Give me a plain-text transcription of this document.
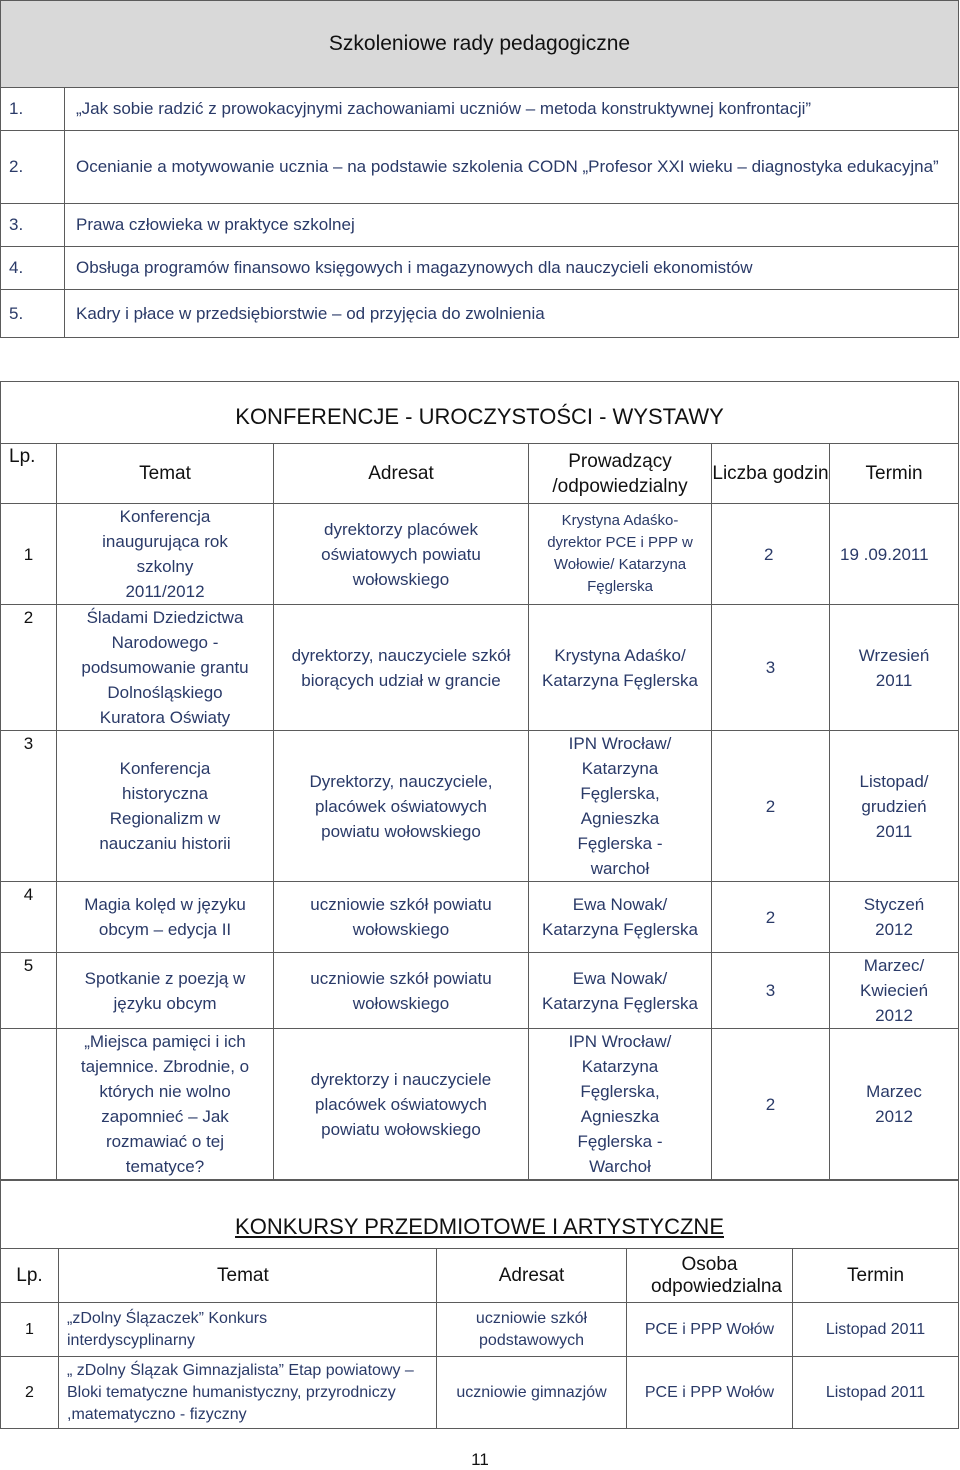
Szkoleniowe rady pedagogiczne	
1.	„Jak sobie radzić z prowokacyjnymi zachowaniami uczniów – metoda konstruktywnej konfrontacji”
2.	Ocenianie a motywowanie ucznia – na podstawie szkolenia CODN „Profesor XXI wieku – diagnostyka edukacyjna”
3.	Prawa człowieka w praktyce szkolnej
4.	Obsługa programów finansowo księgowych i magazynowych dla nauczycieli ekonomistów
5.	Kadry i płace w przedsiębiorstwie – od przyjęcia do zwolnienia
KONFERENCJE - UROCZYSTOŚCI - WYSTAWY					
Lp.	Temat	Adresat	Prowadzący /odpowiedzialny	Liczba godzin	Termin
1	Konferencja inaugurująca rok szkolny 2011/2012	dyrektorzy placówek oświatowych powiatu wołowskiego	Krystyna Adaśko- dyrektor PCE i PPP w Wołowie/ Katarzyna Fęglerska	2	19 .09.2011
2	Śladami Dziedzictwa Narodowego - podsumowanie grantu Dolnośląskiego Kuratora Oświaty	dyrektorzy, nauczyciele szkół biorących udział w grancie	Krystyna Adaśko/ Katarzyna Fęglerska	3	Wrzesień 2011
3	Konferencja historyczna Regionalizm w nauczaniu historii	Dyrektorzy, nauczyciele, placówek oświatowych powiatu wołowskiego	IPN Wrocław/ Katarzyna Fęglerska, Agnieszka Fęglerska - warchoł	2	Listopad/ grudzień 2011
4	Magia kolęd w języku obcym – edycja II	uczniowie szkół powiatu wołowskiego	Ewa Nowak/ Katarzyna Fęglerska	2	Styczeń 2012
5	Spotkanie z poezją w języku obcym	uczniowie szkół powiatu wołowskiego	Ewa Nowak/ Katarzyna Fęglerska	3	Marzec/ Kwiecień 2012
	„Miejsca pamięci i ich tajemnice. Zbrodnie, o których nie wolno zapomnieć – Jak rozmawiać o tej tematyce?	dyrektorzy i nauczyciele placówek oświatowych powiatu wołowskiego	IPN Wrocław/ Katarzyna Fęglerska, Agnieszka Fęglerska - Warchoł	2	Marzec 2012
KONKURSY PRZEDMIOTOWE I ARTYSTYCZNE				
Lp.	Temat	Adresat	Osoba odpowiedzialna	Termin
1	„zDolny Ślązaczek” Konkurs interdyscyplinarny	uczniowie szkół podstawowych	PCE i PPP Wołów	Listopad 2011
2	„ zDolny Ślązak Gimnazjalista” Etap powiatowy – Bloki tematyczne humanistyczny, przyrodniczy ,matematyczno - fizyczny	uczniowie gimnazjów	PCE i PPP Wołów	Listopad 2011
11
